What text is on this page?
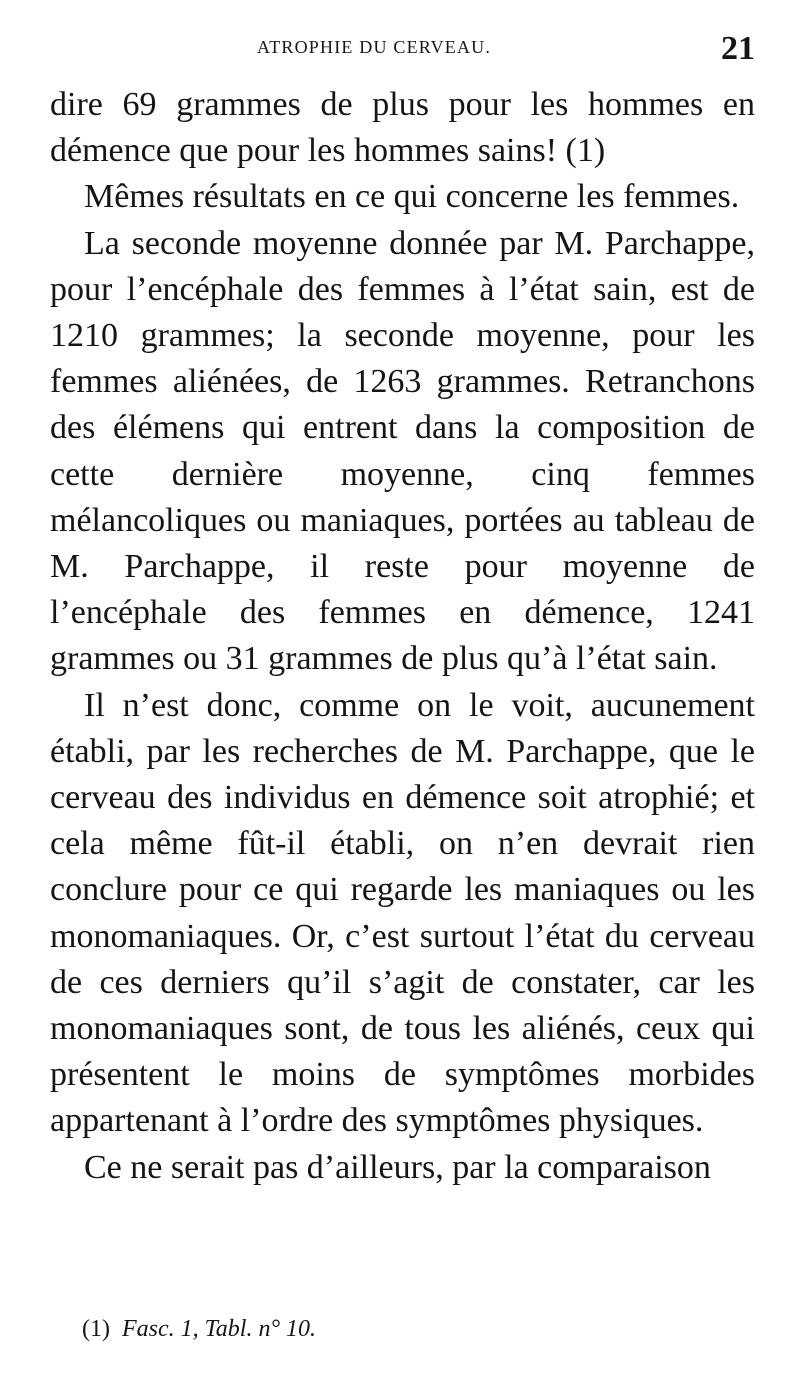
ATROPHIE DU CERVEAU.	21

dire 69 grammes de plus pour les hommes en démence que pour les hommes sains! (1)

Mêmes résultats en ce qui concerne les femmes.

La seconde moyenne donnée par M. Parchappe, pour l’encéphale des femmes à l’état sain, est de 1210 grammes; la seconde moyenne, pour les femmes aliénées, de 1263 grammes. Retranchons des élémens qui entrent dans la composition de cette dernière moyenne, cinq femmes mélancoliques ou maniaques, portées au tableau de M. Parchappe, il reste pour moyenne de l’encéphale des femmes en démence, 1241 grammes ou 31 grammes de plus qu’à l’état sain.

Il n’est donc, comme on le voit, aucunement établi, par les recherches de M. Parchappe, que le cerveau des individus en démence soit atrophié; et cela même fût-il établi, on n’en devrait rien conclure pour ce qui regarde les maniaques ou les monomaniaques. Or, c’est surtout l’état du cerveau de ces derniers qu’il s’agit de constater, car les monomaniaques sont, de tous les aliénés, ceux qui présentent le moins de symptômes morbides appartenant à l’ordre des symptômes physiques.

Ce ne serait pas d’ailleurs, par la comparaison

(1) Fasc. 1, Tabl. n° 10.
